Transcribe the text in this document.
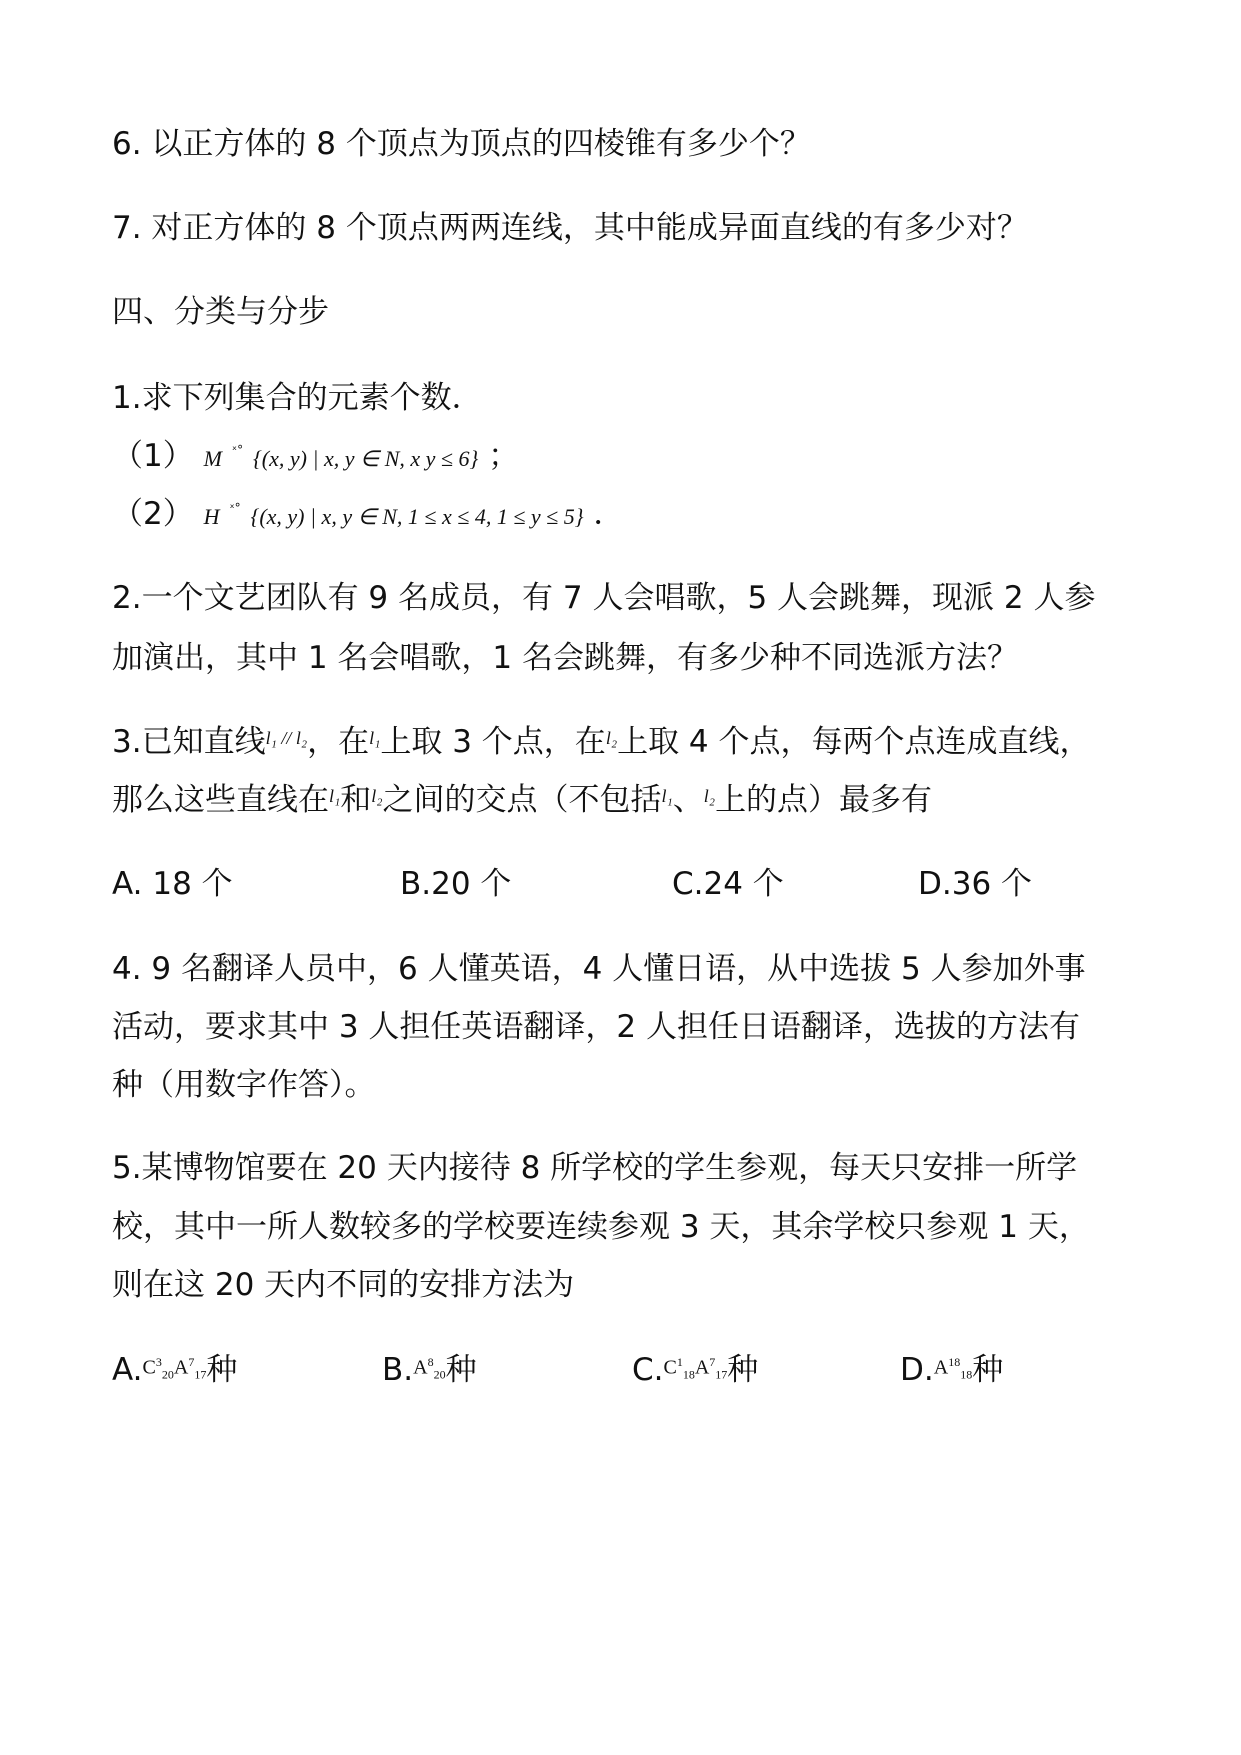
6. 以正方体的 8 个顶点为顶点的四棱锥有多少个？
7. 对正方体的 8 个顶点两两连线，其中能成异面直线的有多少对？
四、分类与分步
1.求下列集合的元素个数．
（1） M $^{ˣ^\circ}$ {(x, y) | x, y ∈ N, x y ≤ 6} ；
（2） H $^{ˣ^\circ}$ {(x, y) | x, y ∈ N, 1 ≤ x ≤ 4, 1 ≤ y ≤ 5} ．
2.一个文艺团队有 9 名成员，有 7 人会唱歌，5 人会跳舞，现派 2 人参
加演出，其中 1 名会唱歌，1 名会跳舞，有多少种不同选派方法？
3.已知直线$^{l_1 // l_2}$，在$^{l_1}$上取 3 个点，在$^{l_2}$上取 4 个点，每两个点连成直线，
那么这些直线在$^{l_1}$和$^{l_2}$之间的交点（不包括$^{l_1}$、$^{l_2}$上的点）最多有
A. 18 个	B.20 个	C.24 个	D.36 个
4. 9 名翻译人员中，6 人懂英语，4 人懂日语，从中选拔 5 人参加外事
活动，要求其中 3 人担任英语翻译，2 人担任日语翻译，选拔的方法有
种（用数字作答）。
5.某博物馆要在 20 天内接待 8 所学校的学生参观，每天只安排一所学
校，其中一所人数较多的学校要连续参观 3 天，其余学校只参观 1 天，
则在这 20 天内不同的安排方法为
$A.C^3_{20}A^7_{17}$种	$B.A^8_{20}$种	$C.C^1_{18}A^7_{17}$种	$D.A^{18}_{18}$种
